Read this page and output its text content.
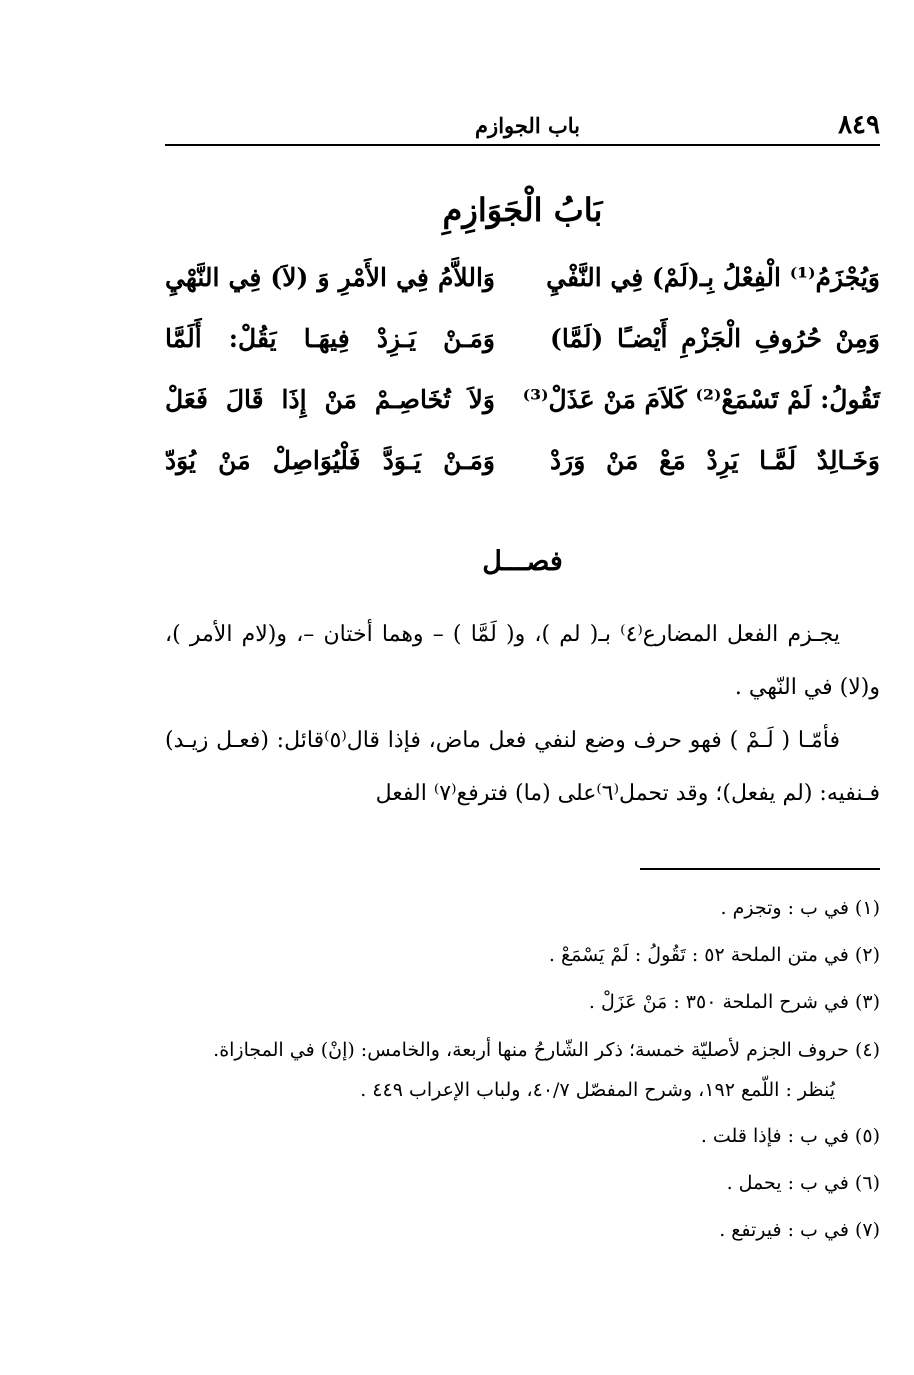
٨٤٩
باب الجوازم
بَابُ الْجَوَازِمِ
وَيُجْزَمُ⁽¹⁾ الْفِعْلُ بِـ(لَمْ) فِي النَّفْيِ
وَاللاَّمُ فِي الأَمْرِ وَ (لاَ) فِي النَّهْيِ
وَمِنْ حُرُوفِ الْجَزْمِ أَيْضـًا (لَمَّا)
وَمَـنْ يَـزِدْ فِيهَـا يَقُلْ: أَلَمَّا
تَقُولُ: لَمْ تَسْمَعْ⁽²⁾ كَلاَمَ مَنْ عَذَلْ⁽³⁾
وَلاَ تُخَاصِـمْ مَنْ إِذَا قَالَ فَعَلْ
وَخَـالِدٌ لَمَّـا يَرِدْ مَعْ مَنْ وَرَدْ
وَمَـنْ يَـوَدَّ فَلْيُوَاصِلْ مَنْ يُوَدّ
فصـــل

يجـزم الفعل المضارع⁽٤⁾ بـ( لم )، و( لَمَّا ) – وهما أختان –، و(لام الأمر )، و(لا) في النّهي .

فأمّـا ( لَـمْ ) فهو حرف وضع لنفي فعل ماض، فإذا قال⁽٥⁾قائل: (فعـل زيـد) فـنفيه: (لم يفعل)؛ وقد تحمل⁽٦⁾على (ما) فترفع⁽٧⁾ الفعل

(١) في ب : وتجزم .
(٢) في متن الملحة ٥٢ : تَقُولُ : لَمْ يَسْمَعْ .
(٣) في شرح الملحة ٣٥٠ : مَنْ عَزَلْ .
(٤) حروف الجزم لأصليّة خمسة؛ ذكر الشّارحُ منها أربعة، والخامس: (إنْ) في المجازاة.
يُنظر : اللّمع ١٩٢، وشرح المفصّل ٤٠/٧، ولباب الإعراب ٤٤٩ .
(٥) في ب : فإذا قلت .
(٦) في ب : يحمل .
(٧) في ب : فيرتفع .
